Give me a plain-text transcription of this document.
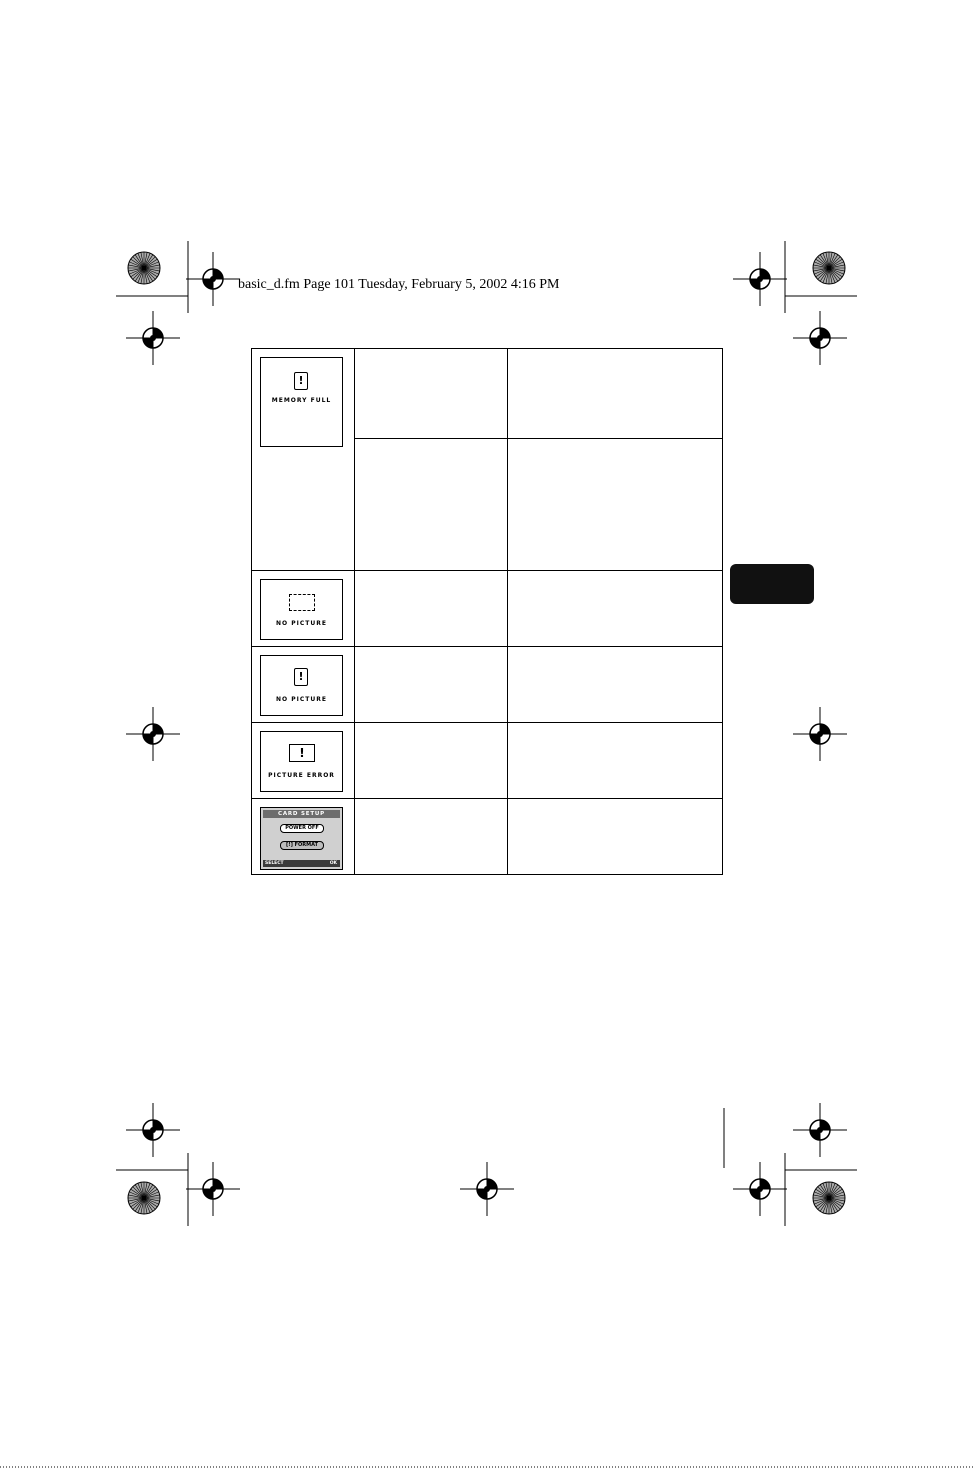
basic_d.fm Page 101 Tuesday, February 5, 2002 4:16 PM
!
MEMORY FULL		

NO PICTURE		

!
NO PICTURE		

!
PICTURE ERROR		

CARD SETUP
POWER OFF
[!] FORMAT
SELECT OK		
